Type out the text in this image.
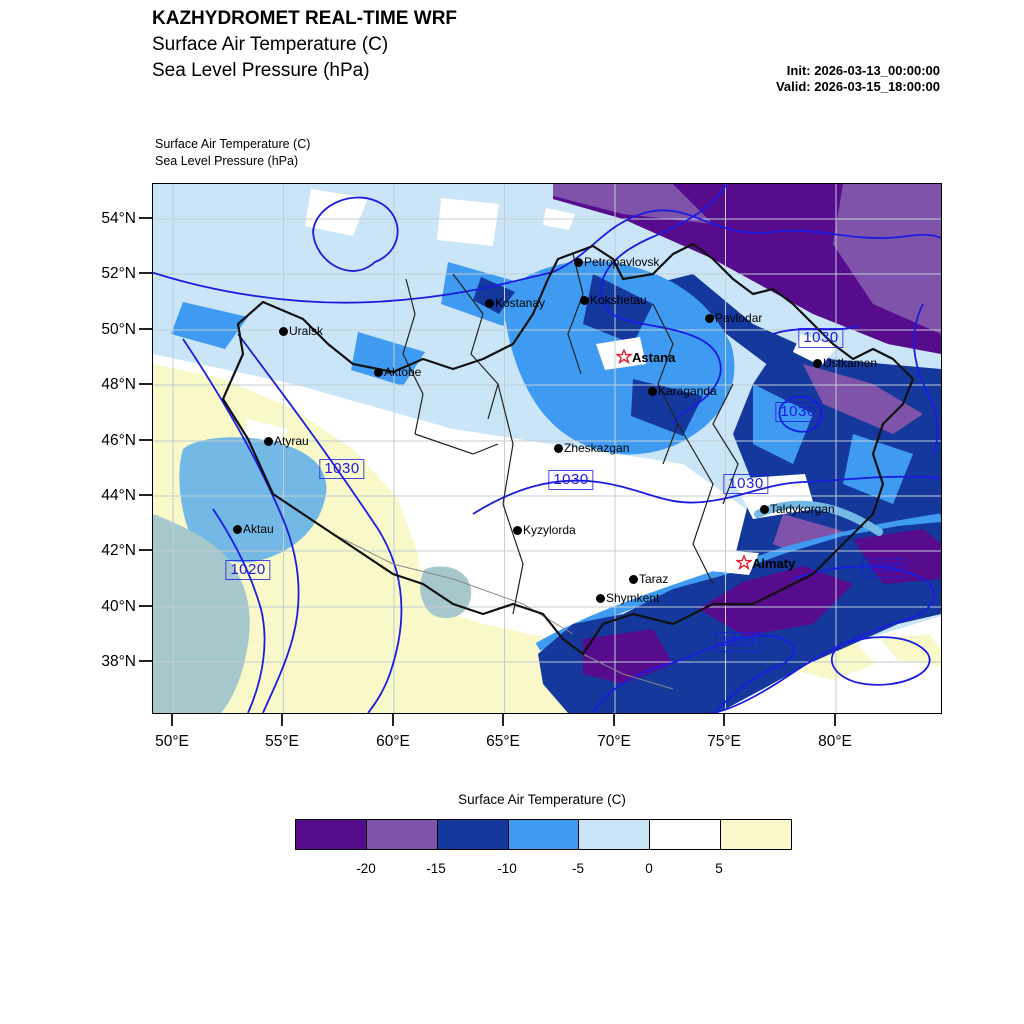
KAZHYDROMET REAL-TIME WRF
Surface Air Temperature (C)
Sea Level Pressure (hPa)	Init: 2026-03-13_00:00:00
Valid: 2026-03-15_18:00:00
Surface Air Temperature (C)
Sea Level Pressure (hPa)
54°N
52°N
50°N
48°N
46°N
44°N
42°N
40°N
38°N
50°E	55°E	60°E	65°E	70°E	75°E	80°E
Petropavlovsk
Kostanay	Kokshetau
Pavlodar
Uralsk
Aktobe
Ustkamen
Karaganda
Atyrau	Zheskazgan
Taldykorgan
Aktau	Kyzylorda
Taraz
Shymkent
Astana
Almaty
1030
1030	1030
1030
1030
1020	1020
1020
Surface Air Temperature (C)
-20	-15	-10	-5	0	5
